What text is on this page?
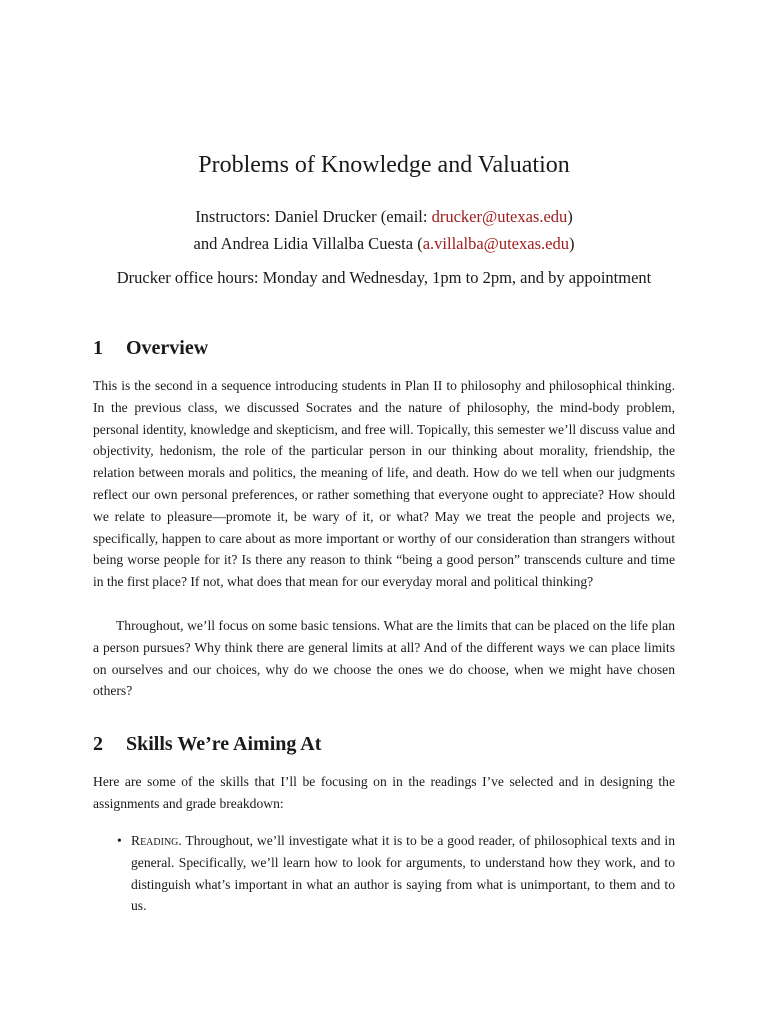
Problems of Knowledge and Valuation
Instructors: Daniel Drucker (email: drucker@utexas.edu)
and Andrea Lidia Villalba Cuesta (a.villalba@utexas.edu)
Drucker office hours: Monday and Wednesday, 1pm to 2pm, and by appointment
1 Overview

This is the second in a sequence introducing students in Plan II to philosophy and philosophical thinking. In the previous class, we discussed Socrates and the nature of philosophy, the mind-body problem, personal identity, knowledge and skepticism, and free will. Topically, this semester we’ll discuss value and objectivity, hedonism, the role of the particular person in our thinking about morality, friendship, the relation between morals and politics, the meaning of life, and death. How do we tell when our judgments reflect our own personal preferences, or rather something that everyone ought to appreciate? How should we relate to pleasure—promote it, be wary of it, or what? May we treat the people and projects we, specifically, happen to care about as more important or worthy of our consideration than strangers without being worse people for it? Is there any reason to think “being a good person” transcends culture and time in the first place? If not, what does that mean for our everyday moral and political thinking?

Throughout, we’ll focus on some basic tensions. What are the limits that can be placed on the life plan a person pursues? Why think there are general limits at all? And of the different ways we can place limits on ourselves and our choices, why do we choose the ones we do choose, when we might have chosen others?

2 Skills We’re Aiming At

Here are some of the skills that I’ll be focusing on in the readings I’ve selected and in designing the assignments and grade breakdown:

• Reading. Throughout, we’ll investigate what it is to be a good reader, of philosophical texts and in general. Specifically, we’ll learn how to look for arguments, to understand how they work, and to distinguish what’s important in what an author is saying from what is unimportant, to them and to us.
